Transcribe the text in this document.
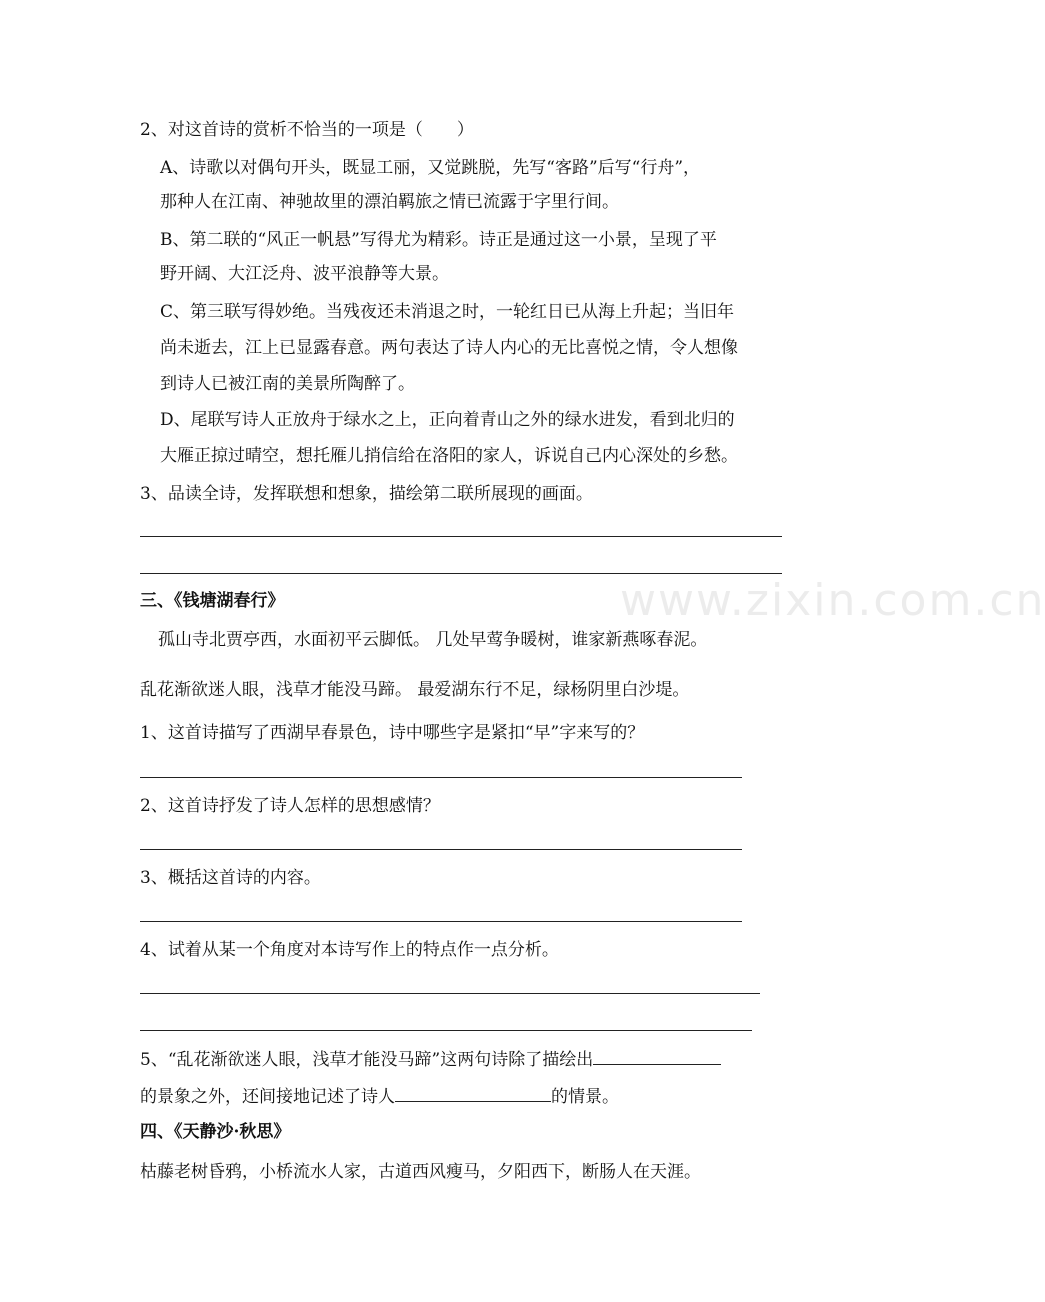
www.zixin.com.cn
2、对这首诗的赏析不恰当的一项是（　　）
A、诗歌以对偶句开头，既显工丽，又觉跳脱，先写“客路”后写“行舟”，
那种人在江南、神驰故里的漂泊羁旅之情已流露于字里行间。
B、第二联的“风正一帆悬”写得尤为精彩。诗正是通过这一小景，呈现了平
野开阔、大江泛舟、波平浪静等大景。
C、第三联写得妙绝。当残夜还未消退之时，一轮红日已从海上升起；当旧年
尚未逝去，江上已显露春意。两句表达了诗人内心的无比喜悦之情，令人想像
到诗人已被江南的美景所陶醉了。
D、尾联写诗人正放舟于绿水之上，正向着青山之外的绿水进发，看到北归的
大雁正掠过晴空，想托雁儿捎信给在洛阳的家人，诉说自己内心深处的乡愁。
3、品读全诗，发挥联想和想象，描绘第二联所展现的画面。
三、《钱塘湖春行》
孤山寺北贾亭西，水面初平云脚低。 几处早莺争暖树，谁家新燕啄春泥。
乱花渐欲迷人眼，浅草才能没马蹄。 最爱湖东行不足，绿杨阴里白沙堤。
1、这首诗描写了西湖早春景色，诗中哪些字是紧扣“早”字来写的？
2、这首诗抒发了诗人怎样的思想感情？
3、概括这首诗的内容。
4、试着从某一个角度对本诗写作上的特点作一点分析。
5、“乱花渐欲迷人眼，浅草才能没马蹄”这两句诗除了描绘出
的景象之外，还间接地记述了诗人	的情景。
四、《天静沙·秋思》
枯藤老树昏鸦，小桥流水人家，古道西风瘦马，夕阳西下，断肠人在天涯。
